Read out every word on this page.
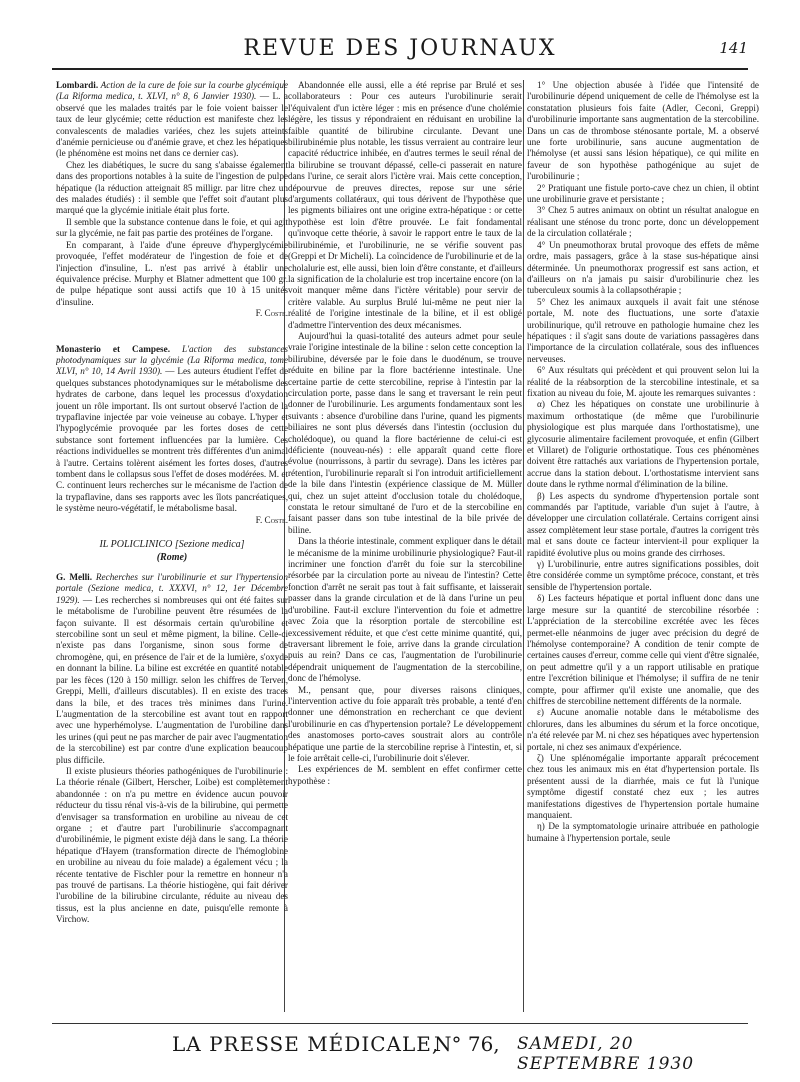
REVUE DES JOURNAUX	141

Lombardi. Action de la cure de foie sur la courbe glycémique (La Riforma medica, t. XLVI, n° 8, 6 Janvier 1930). — L. a observé que les malades traités par le foie voient baisser le taux de leur glycémie; cette réduction est manifeste chez les convalescents de maladies variées, chez les sujets atteints d'anémie pernicieuse ou d'anémie grave, et chez les hépatiques (le phénomène est moins net dans ce dernier cas).

Chez les diabétiques, le sucre du sang s'abaisse également dans des proportions notables à la suite de l'ingestion de pulpe hépatique (la réduction atteignait 85 milligr. par litre chez un des malades étudiés) : il semble que l'effet soit d'autant plus marqué que la glycémie initiale était plus forte.

Il semble que la substance contenue dans le foie, et qui agit sur la glycémie, ne fait pas partie des protéines de l'organe.

En comparant, à l'aide d'une épreuve d'hyperglycémie provoquée, l'effet modérateur de l'ingestion de foie et de l'injection d'insuline, L. n'est pas arrivé à établir une équivalence précise. Murphy et Blatner admettent que 100 gr. de pulpe hépatique sont aussi actifs que 10 à 15 unités d'insuline.

F. Coste.

Monasterio et Campese. L'action des substances photodynamiques sur la glycémie (La Riforma medica, tome XLVI, n° 10, 14 Avril 1930). — Les auteurs étudient l'effet de quelques substances photodynamiques sur le métabolisme des hydrates de carbone, dans lequel les processus d'oxydation jouent un rôle important. Ils ont surtout observé l'action de la trypaflavine injectée par voie veineuse au cobaye. L'hyper et l'hypoglycémie provoquée par les fortes doses de cette substance sont fortement influencées par la lumière. Ces réactions individuelles se montrent très différentes d'un animal à l'autre. Certains tolèrent aisément les fortes doses, d'autres tombent dans le collapsus sous l'effet de doses modérées. M. et C. continuent leurs recherches sur le mécanisme de l'action de la trypaflavine, dans ses rapports avec les îlots pancréatiques, le système neuro-végétatif, le métabolisme basal.

F. Coste.

IL POLICLINICO [Sezione medica]
(Rome)

G. Melli. Recherches sur l'urobilinurie et sur l'hypertension portale (Sezione medica, t. XXXVI, n° 12, 1er Décembre 1929). — Les recherches si nombreuses qui ont été faites sur le métabolisme de l'urobiline peuvent être résumées de la façon suivante. Il est désormais certain qu'urobiline et stercobiline sont un seul et même pigment, la biline. Celle-ci n'existe pas dans l'organisme, sinon sous forme de chromogène, qui, en présence de l'air et de la lumière, s'oxyde en donnant la biline. La biline est excrétée en quantité notable par les fèces (120 à 150 milligr. selon les chiffres de Terven, Greppi, Melli, d'ailleurs discutables). Il en existe des traces dans la bile, et des traces très minimes dans l'urine. L'augmentation de la stercobiline est avant tout en rapport avec une hyperhémolyse. L'augmentation de l'urobiline dans les urines (qui peut ne pas marcher de pair avec l'augmentation de la stercobiline) est par contre d'une explication beaucoup plus difficile.

Il existe plusieurs théories pathogéniques de l'urobilinurie : La théorie rénale (Gilbert, Herscher, Loibe) est complètement abandonnée : on n'a pu mettre en évidence aucun pouvoir réducteur du tissu rénal vis-à-vis de la bilirubine, qui permette d'envisager sa transformation en urobiline au niveau de cet organe ; et d'autre part l'urobilinurie s'accompagnant d'urobilinémie, le pigment existe déjà dans le sang. La théorie hépatique d'Hayem (transformation directe de l'hémoglobine en urobiline au niveau du foie malade) a également vécu ; la récente tentative de Fischler pour la remettre en honneur n'a pas trouvé de partisans. La théorie histiogène, qui fait dériver l'urobiline de la bilirubine circulante, réduite au niveau des tissus, est la plus ancienne en date, puisqu'elle remonte à Virchow.

Abandonnée elle aussi, elle a été reprise par Brulé et ses collaborateurs : Pour ces auteurs l'urobilinurie serait l'équivalent d'un ictère léger : mis en présence d'une cholémie légère, les tissus y répondraient en réduisant en urobiline la faible quantité de bilirubine circulante. Devant une bilirubinémie plus notable, les tissus verraient au contraire leur capacité réductrice inhibée, en d'autres termes le seuil rénal de la bilirubine se trouvant dépassé, celle-ci passerait en nature dans l'urine, ce serait alors l'ictère vrai. Mais cette conception, dépourvue de preuves directes, repose sur une série d'arguments collatéraux, qui tous dérivent de l'hypothèse que les pigments biliaires ont une origine extra-hépatique : or cette hypothèse est loin d'être prouvée. Le fait fondamental qu'invoque cette théorie, à savoir le rapport entre le taux de la bilirubinémie, et l'urobilinurie, ne se vérifie souvent pas (Greppi et Dr Micheli). La coïncidence de l'urobilinurie et de la cholalurie est, elle aussi, bien loin d'être constante, et d'ailleurs la signification de la cholalurie est trop incertaine encore (on la voit manquer même dans l'ictère véritable) pour servir de critère valable. Au surplus Brulé lui-même ne peut nier la réalité de l'origine intestinale de la biline, et il est obligé d'admettre l'intervention des deux mécanismes.

Aujourd'hui la quasi-totalité des auteurs admet pour seule vraie l'origine intestinale de la biline : selon cette conception la bilirubine, déversée par le foie dans le duodénum, se trouve réduite en biline par la flore bactérienne intestinale. Une certaine partie de cette stercobiline, reprise à l'intestin par la circulation porte, passe dans le sang et traversant le rein peut donner de l'urobilinurie. Les arguments fondamentaux sont les suivants : absence d'urobiline dans l'urine, quand les pigments biliaires ne sont plus déversés dans l'intestin (occlusion du cholédoque), ou quand la flore bactérienne de celui-ci est déficiente (nouveau-nés) : elle apparaît quand cette flore évolue (nourrissons, à partir du sevrage). Dans les ictères par rétention, l'urobilinurie reparaît si l'on introduit artificiellement de la bile dans l'intestin (expérience classique de M. Müller qui, chez un sujet atteint d'occlusion totale du cholédoque, constata le retour simultané de l'uro et de la stercobiline en faisant passer dans son tube intestinal de la bile privée de biline.

Dans la théorie intestinale, comment expliquer dans le détail le mécanisme de la minime urobilinurie physiologique? Faut-il incriminer une fonction d'arrêt du foie sur la stercobiline résorbée par la circulation porte au niveau de l'intestin? Cette fonction d'arrêt ne serait pas tout à fait suffisante, et laisserait passer dans la grande circulation et de là dans l'urine un peu d'urobiline. Faut-il exclure l'intervention du foie et admettre avec Zoia que la résorption portale de stercobiline est excessivement réduite, et que c'est cette minime quantité, qui, traversant librement le foie, arrive dans la grande circulation puis au rein? Dans ce cas, l'augmentation de l'urobilinurie dépendrait uniquement de l'augmentation de la stercobiline, donc de l'hémolyse.

M., pensant que, pour diverses raisons cliniques, l'intervention active du foie apparaît très probable, a tenté d'en donner une démonstration en recherchant ce que devient l'urobilinurie en cas d'hypertension portale? Le développement des anastomoses porto-caves soustrait alors au contrôle hépatique une partie de la stercobiline reprise à l'intestin, et, si le foie arrêtait celle-ci, l'urobilinurie doit s'élever.

Les expériences de M. semblent en effet confirmer cette hypothèse :

1° Une objection abusée à l'idée que l'intensité de l'urobilinurie dépend uniquement de celle de l'hémolyse est la constatation plusieurs fois faite (Adler, Ceconi, Greppi) d'urobilinurie importante sans augmentation de la stercobiline. Dans un cas de thrombose sténosante portale, M. a observé une forte urobilinurie, sans aucune augmentation de l'hémolyse (et aussi sans lésion hépatique), ce qui milite en faveur de son hypothèse pathogénique au sujet de l'urobilinurie ;

2° Pratiquant une fistule porto-cave chez un chien, il obtint une urobilinurie grave et persistante ;

3° Chez 5 autres animaux on obtint un résultat analogue en réalisant une sténose du tronc porte, donc un développement de la circulation collatérale ;

4° Un pneumothorax brutal provoque des effets de même ordre, mais passagers, grâce à la stase sus-hépatique ainsi déterminée. Un pneumothorax progressif est sans action, et d'ailleurs on n'a jamais pu saisir d'urobilinurie chez les tuberculeux soumis à la collapsothérapie ;

5° Chez les animaux auxquels il avait fait une sténose portale, M. note des fluctuations, une sorte d'ataxie urobilinurique, qu'il retrouve en pathologie humaine chez les hépatiques : il s'agit sans doute de variations passagères dans l'importance de la circulation collatérale, sous des influences nerveuses.

6° Aux résultats qui précèdent et qui prouvent selon lui la réalité de la réabsorption de la stercobiline intestinale, et sa fixation au niveau du foie, M. ajoute les remarques suivantes :

α) Chez les hépatiques on constate une urobilinurie à maximum orthostatique (de même que l'urobilinurie physiologique est plus marquée dans l'orthostatisme), une glycosurie alimentaire facilement provoquée, et enfin (Gilbert et Villaret) de l'oligurie orthostatique. Tous ces phénomènes doivent être rattachés aux variations de l'hypertension portale, accrue dans la station debout. L'orthostatisme intervient sans doute dans le rythme normal d'élimination de la biline.

β) Les aspects du syndrome d'hypertension portale sont commandés par l'aptitude, variable d'un sujet à l'autre, à développer une circulation collatérale. Certains corrigent ainsi assez complètement leur stase portale, d'autres la corrigent très mal et sans doute ce facteur intervient-il pour expliquer la rapidité évolutive plus ou moins grande des cirrhoses.

γ) L'urobilinurie, entre autres significations possibles, doit être considérée comme un symptôme précoce, constant, et très sensible de l'hypertension portale.

δ) Les facteurs hépatique et portal influent donc dans une large mesure sur la quantité de stercobiline résorbée : L'appréciation de la stercobiline excrétée avec les fèces permet-elle néanmoins de juger avec précision du degré de l'hémolyse contemporaine? A condition de tenir compte de certaines causes d'erreur, comme celle qui vient d'être signalée, on peut admettre qu'il y a un rapport utilisable en pratique entre l'excrétion bilinique et l'hémolyse; il suffira de ne tenir compte, pour affirmer qu'il existe une anomalie, que des chiffres de stercobiline nettement différents de la normale.

ε) Aucune anomalie notable dans le métabolisme des chlorures, dans les albumines du sérum et la force oncotique, n'a été relevée par M. ni chez ses hépatiques avec hypertension portale, ni chez ses animaux d'expérience.

ζ) Une splénomégalie importante apparaît précocement chez tous les animaux mis en état d'hypertension portale. Ils présentent aussi de la diarrhée, mais ce fut là l'unique symptôme digestif constaté chez eux ; les autres manifestations digestives de l'hypertension portale humaine manquaient.

η) De la symptomatologie urinaire attribuée en pathologie humaine à l'hypertension portale, seule

LA PRESSE MÉDICALE,
N° 76, SAMEDI, 20 SEPTEMBRE 1930
